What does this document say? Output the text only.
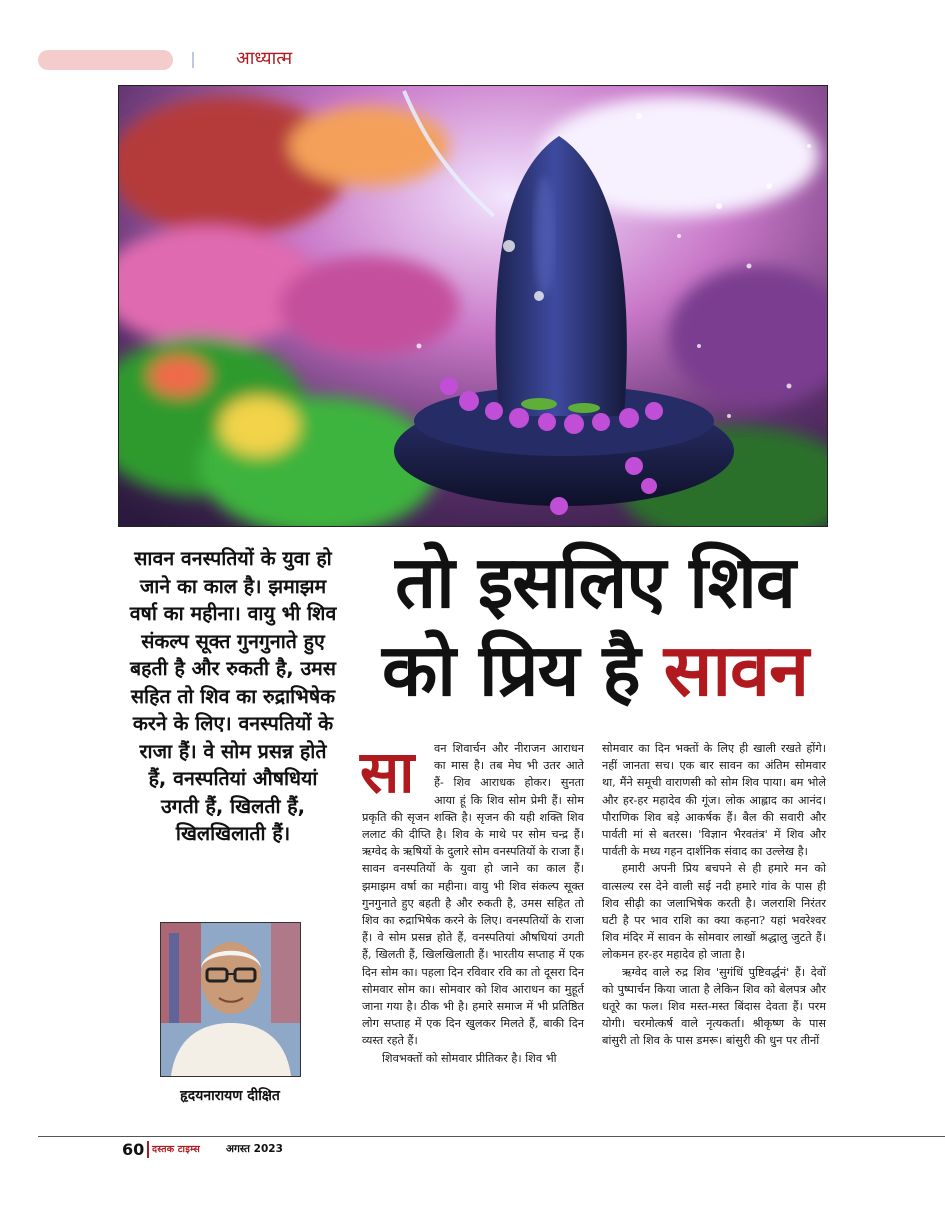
आध्यात्म
सावन वनस्पतियों के युवा हो जाने का काल है। झमाझम वर्षा का महीना। वायु भी शिव संकल्प सूक्त गुनगुनाते हुए बहती है और रुकती है, उमस सहित तो शिव का रुद्राभिषेक करने के लिए। वनस्पतियों के राजा हैं। वे सोम प्रसन्न होते हैं, वनस्पतियां औषधियां उगती हैं, खिलती हैं, खिलखिलाती हैं।
तो इसलिए शिव
को प्रिय है सावन
हृदयनारायण दीक्षित
सा	वन शिवार्चन और नीराजन आराधन का मास है। तब मेघ भी उतर आते हैं- शिव आराधक होकर। सुनता आया हूं कि शिव सोम प्रेमी हैं। सोम प्रकृति की सृजन शक्ति है। सृजन की यही शक्ति शिव ललाट की दीप्ति है। शिव के माथे पर सोम चन्द्र हैं। ऋग्वेद के ऋषियों के दुलारे सोम वनस्पतियों के राजा हैं। सावन वनस्पतियों के युवा हो जाने का काल हैं। झमाझम वर्षा का महीना। वायु भी शिव संकल्प सूक्त गुनगुनाते हुए बहती है और रुकती है, उमस सहित तो शिव का रुद्राभिषेक करने के लिए। वनस्पतियों के राजा हैं। वे सोम प्रसन्न होते हैं, वनस्पतियां औषधियां उगती हैं, खिलती हैं, खिलखिलाती हैं। भारतीय सप्ताह में एक दिन सोम का। पहला दिन रविवार रवि का तो दूसरा दिन सोमवार सोम का। सोमवार को शिव आराधन का मुहूर्त जाना गया है। ठीक भी है। हमारे समाज में भी प्रतिष्ठित लोग सप्ताह में एक दिन खुलकर मिलते हैं, बाकी दिन व्यस्त रहते हैं।

शिवभक्तों को सोमवार प्रीतिकर है। शिव भी

सोमवार का दिन भक्तों के लिए ही खाली रखते होंगे। नहीं जानता सच। एक बार सावन का अंतिम सोमवार था, मैंने समूची वाराणसी को सोम शिव पाया। बम भोले और हर-हर महादेव की गूंज। लोक आह्लाद का आनंद। पौराणिक शिव बड़े आकर्षक हैं। बैल की सवारी और पार्वती मां से बतरस। 'विज्ञान भैरवतंत्र' में शिव और पार्वती के मध्य गहन दार्शनिक संवाद का उल्लेख है।

हमारी अपनी प्रिय बचपने से ही हमारे मन को वात्सल्य रस देने वाली सई नदी हमारे गांव के पास ही शिव सीढ़ी का जलाभिषेक करती है। जलराशि निरंतर घटी है पर भाव राशि का क्या कहना? यहां भवरेश्वर शिव मंदिर में सावन के सोमवार लाखों श्रद्धालु जुटते हैं। लोकमन हर-हर महादेव हो जाता है।

ऋग्वेद वाले रुद्र शिव 'सुगंधिं पुष्टिवर्द्धनं' हैं। देवों को पुष्पार्चन किया जाता है लेकिन शिव को बेलपत्र और धतूरे का फल। शिव मस्त-मस्त बिंदास देवता हैं। परम योगी। चरमोत्कर्ष वाले नृत्यकर्ता। श्रीकृष्ण के पास बांसुरी तो शिव के पास डमरू। बांसुरी की धुन पर तीनों

60 दस्तक टाइम्स अगस्त 2023
